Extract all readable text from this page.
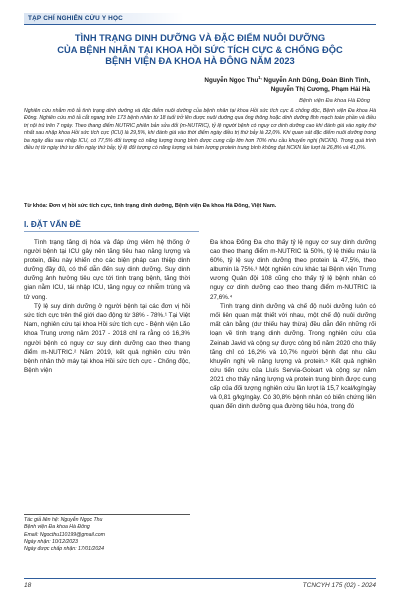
TẠP CHÍ NGHIÊN CỨU Y HỌC
TÌNH TRẠNG DINH DƯỠNG VÀ ĐẶC ĐIỂM NUÔI DƯỠNG
CỦA BỆNH NHÂN TẠI KHOA HỒI SỨC TÍCH CỰC & CHỐNG ĐỘC
BỆNH VIỆN ĐA KHOA HÀ ĐÔNG NĂM 2023
Nguyễn Ngọc Thu$^{1,}$ Nguyễn Anh Dũng, Đoàn Bình Tỉnh,
Nguyễn Thị Cương, Phạm Hải Hà
Bệnh viện Đa khoa Hà Đông
Nghiên cứu nhằm mô tả tình trạng dinh dưỡng và đặc điểm nuôi dưỡng của bệnh nhân tại khoa Hồi sức tích cực & chống độc, Bệnh viện Đa khoa Hà Đông. Nghiên cứu mô tả cắt ngang trên 173 bệnh nhân từ 18 tuổi trở lên được nuôi dưỡng qua ống thông hoặc dinh dưỡng tĩnh mạch toàn phần và điều trị nội trú trên 7 ngày. Theo thang điểm NUTRIC phiên bản sửa đổi (m-NUTRIC), tỷ lệ người bệnh có nguy cơ dinh dưỡng cao khi đánh giá vào ngày thứ nhất sau nhập khoa Hồi sức tích cực (ICU) là 29,5%, khi đánh giá vào thời điểm ngày điều trị thứ bảy là 22,0%. Khi quan sát đặc điểm nuôi dưỡng trong ba ngày đầu sau nhập ICU, có 77,5% đối tượng có năng lượng trung bình được cung cấp lớn hơn 70% nhu cầu khuyến nghị (NCKN). Trong quá trình điều trị từ ngày thứ tư đến ngày thứ bảy, tỷ lệ đối tượng có năng lượng và hàm lượng protein trung bình không đạt NCKN lần lượt là 26,8% và 41,0%.
Từ khóa: Đơn vị hồi sức tích cực, tình trạng dinh dưỡng, Bệnh viện Đa khoa Hà Đông, Việt Nam.
I. ĐẶT VẤN ĐỀ

Tình trạng tăng dị hóa và đáp ứng viêm hệ thống ở người bệnh tại ICU gây nên tăng tiêu hao năng lượng và protein, điều này khiến cho các biện pháp can thiệp dinh dưỡng đầy đủ, có thể dẫn đến suy dinh dưỡng. Suy dinh dưỡng ảnh hưởng tiêu cực tới tình trạng bệnh, tăng thời gian nằm ICU, tái nhập ICU, tăng nguy cơ nhiễm trùng và tử vong.

Tỷ lệ suy dinh dưỡng ở người bệnh tại các đơn vị hồi sức tích cực trên thế giới dao động từ 38% - 78%.¹ Tại Việt Nam, nghiên cứu tại khoa Hồi sức tích cực - Bệnh viện Lão khoa Trung ương năm 2017 - 2018 chỉ ra rằng có 16,3% người bệnh có nguy cơ suy dinh dưỡng cao theo thang điểm m-NUTRIC.² Năm 2019, kết quả nghiên cứu trên bệnh nhân thở máy tại khoa Hồi sức tích cực - Chống độc, Bệnh viện

Đa khoa Đống Đa cho thấy tỷ lệ nguy cơ suy dinh dưỡng cao theo thang điểm m-NUTRIC là 50%, tỷ lệ thiếu máu là 60%, tỷ lệ suy dinh dưỡng theo protein là 47,5%, theo albumin là 75%.³ Một nghiên cứu khác tại Bệnh viện Trưng vương Quân đội 108 cũng cho thấy tỷ lệ bệnh nhân có nguy cơ dinh dưỡng cao theo thang điểm m-NUTRIC là 27,6%.⁴

Tình trạng dinh dưỡng và chế độ nuôi dưỡng luôn có mối liên quan mật thiết với nhau, một chế độ nuôi dưỡng mất cân bằng (dư thiếu hay thừa) đều dẫn đến những rối loạn về tình trạng dinh dưỡng. Trong nghiên cứu của Zeinab Javid và cộng sự được công bố năm 2020 cho thấy tăng chỉ có 16,2% và 10,7% người bệnh đạt nhu cầu khuyến nghị về năng lượng và protein.⁵ Kết quả nghiên cứu tiến cứu của Lluís Servia-Goixart và cộng sự năm 2021 cho thấy năng lượng và protein trung bình được cung cấp của đối tượng nghiên cứu lần lượt là 15,7 kcal/kg/ngày và 0,81 g/kg/ngày. Có 30,8% bệnh nhân có biến chứng liên quan đến dinh dưỡng qua đường tiêu hóa, trong đó

Tác giả liên hệ: Nguyễn Ngọc Thu
Bệnh viện Đa khoa Hà Đông
Email: Ngocthu110199@gmail.com
Ngày nhận: 10/12/2023
Ngày được chấp nhận: 17/01/2024
18	TCNCYH 175 (02) - 2024
